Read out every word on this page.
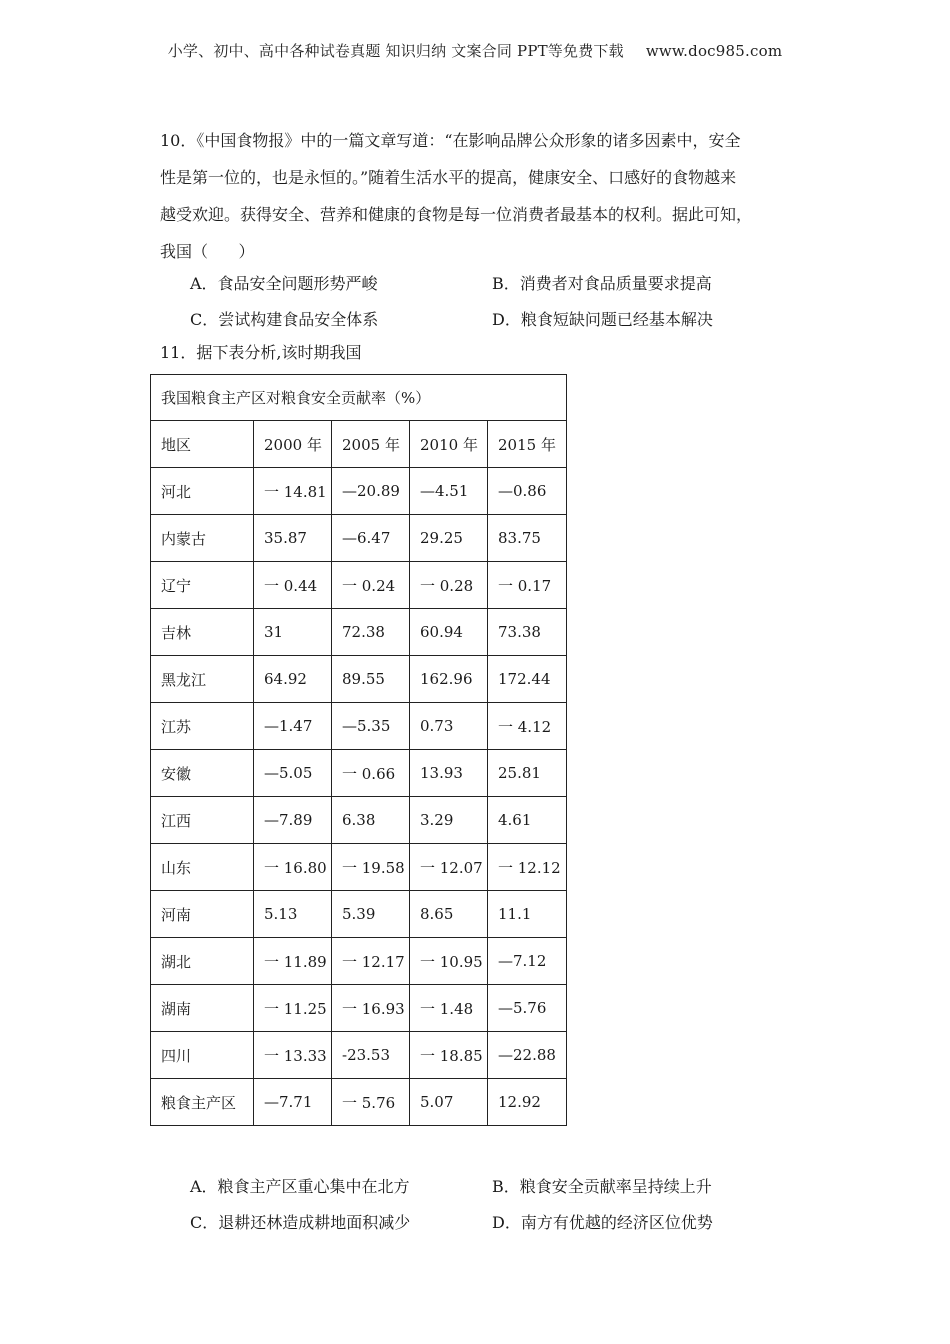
小学、初中、高中各种试卷真题 知识归纳 文案合同 PPT等免费下载 www.doc985.com

10．《中国食物报》中的一篇文章写道：“在影响品牌公众形象的诸多因素中，安全

性是第一位的，也是永恒的。”随着生活水平的提高，健康安全、口感好的食物越来

越受欢迎。获得安全、营养和健康的食物是每一位消费者最基本的权利。据此可知，

我国（      ）

A．食品安全问题形势严峻	B．消费者对食品质量要求提高
C．尝试构建食品安全体系	D．粮食短缺问题已经基本解决
11．据下表分析,该时期我国
我国粮食主产区对粮食安全贡献率（%）				
地区	2000 年	2005 年	2010 年	2015 年
河北	一 14.81	—20.89	—4.51	—0.86
内蒙古	35.87	—6.47	29.25	83.75
辽宁	一 0.44	一 0.24	一 0.28	一 0.17
吉林	31	72.38	60.94	73.38
黑龙江	64.92	89.55	162.96	172.44
江苏	—1.47	—5.35	0.73	一 4.12
安徽	—5.05	一 0.66	13.93	25.81
江西	—7.89	6.38	3.29	4.61
山东	一 16.80	一 19.58	一 12.07	一 12.12
河南	5.13	5.39	8.65	11.1
湖北	一 11.89	一 12.17	一 10.95	—7.12
湖南	一 11.25	一 16.93	一 1.48	—5.76
四川	一 13.33	-23.53	一 18.85	—22.88
粮食主产区	—7.71	一 5.76	5.07	12.92
A．粮食主产区重心集中在北方	B．粮食安全贡献率呈持续上升
C．退耕还林造成耕地面积减少	D．南方有优越的经济区位优势
